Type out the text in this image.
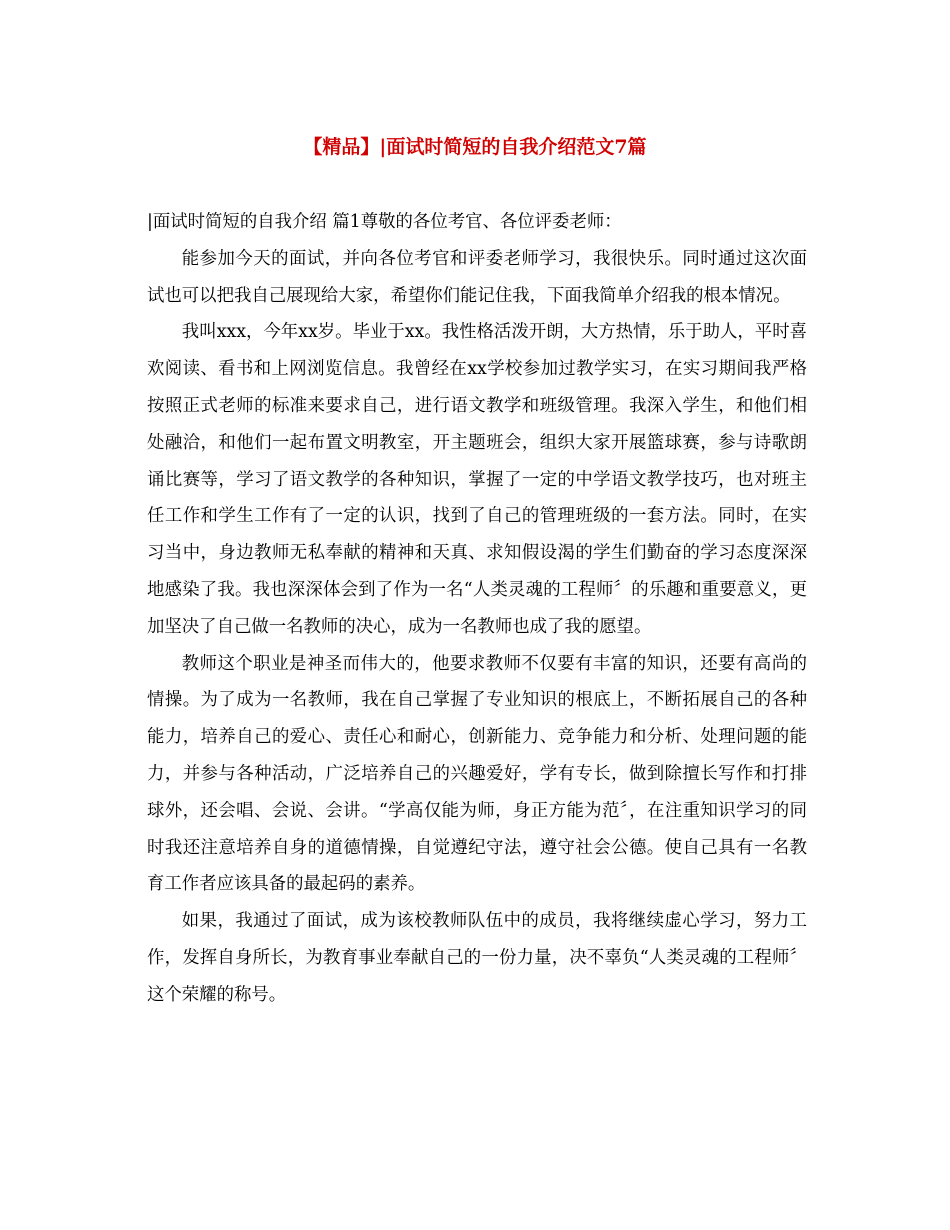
【精品】|面试时简短的自我介绍范文7篇

|面试时简短的自我介绍 篇1尊敬的各位考官、各位评委老师：

能参加今天的面试，并向各位考官和评委老师学习，我很快乐。同时通过这次面试也可以把我自己展现给大家，希望你们能记住我，下面我简单介绍我的根本情况。

我叫xxx，今年xx岁。毕业于xx。我性格活泼开朗，大方热情，乐于助人，平时喜欢阅读、看书和上网浏览信息。我曾经在xx学校参加过教学实习，在实习期间我严格按照正式老师的标准来要求自己，进行语文教学和班级管理。我深入学生，和他们相处融洽，和他们一起布置文明教室，开主题班会，组织大家开展篮球赛，参与诗歌朗诵比赛等，学习了语文教学的各种知识，掌握了一定的中学语文教学技巧，也对班主任工作和学生工作有了一定的认识，找到了自己的管理班级的一套方法。同时，在实习当中，身边教师无私奉献的精神和天真、求知假设渴的学生们勤奋的学习态度深深地感染了我。我也深深体会到了作为一名“人类灵魂的工程师〞的乐趣和重要意义，更加坚决了自己做一名教师的决心，成为一名教师也成了我的愿望。

教师这个职业是神圣而伟大的，他要求教师不仅要有丰富的知识，还要有高尚的情操。为了成为一名教师，我在自己掌握了专业知识的根底上，不断拓展自己的各种能力，培养自己的爱心、责任心和耐心，创新能力、竞争能力和分析、处理问题的能力，并参与各种活动，广泛培养自己的兴趣爱好，学有专长，做到除擅长写作和打排球外，还会唱、会说、会讲。“学高仅能为师，身正方能为范〞，在注重知识学习的同时我还注意培养自身的道德情操，自觉遵纪守法，遵守社会公德。使自己具有一名教育工作者应该具备的最起码的素养。

如果，我通过了面试，成为该校教师队伍中的成员，我将继续虚心学习，努力工作，发挥自身所长，为教育事业奉献自己的一份力量，决不辜负“人类灵魂的工程师〞这个荣耀的称号。
